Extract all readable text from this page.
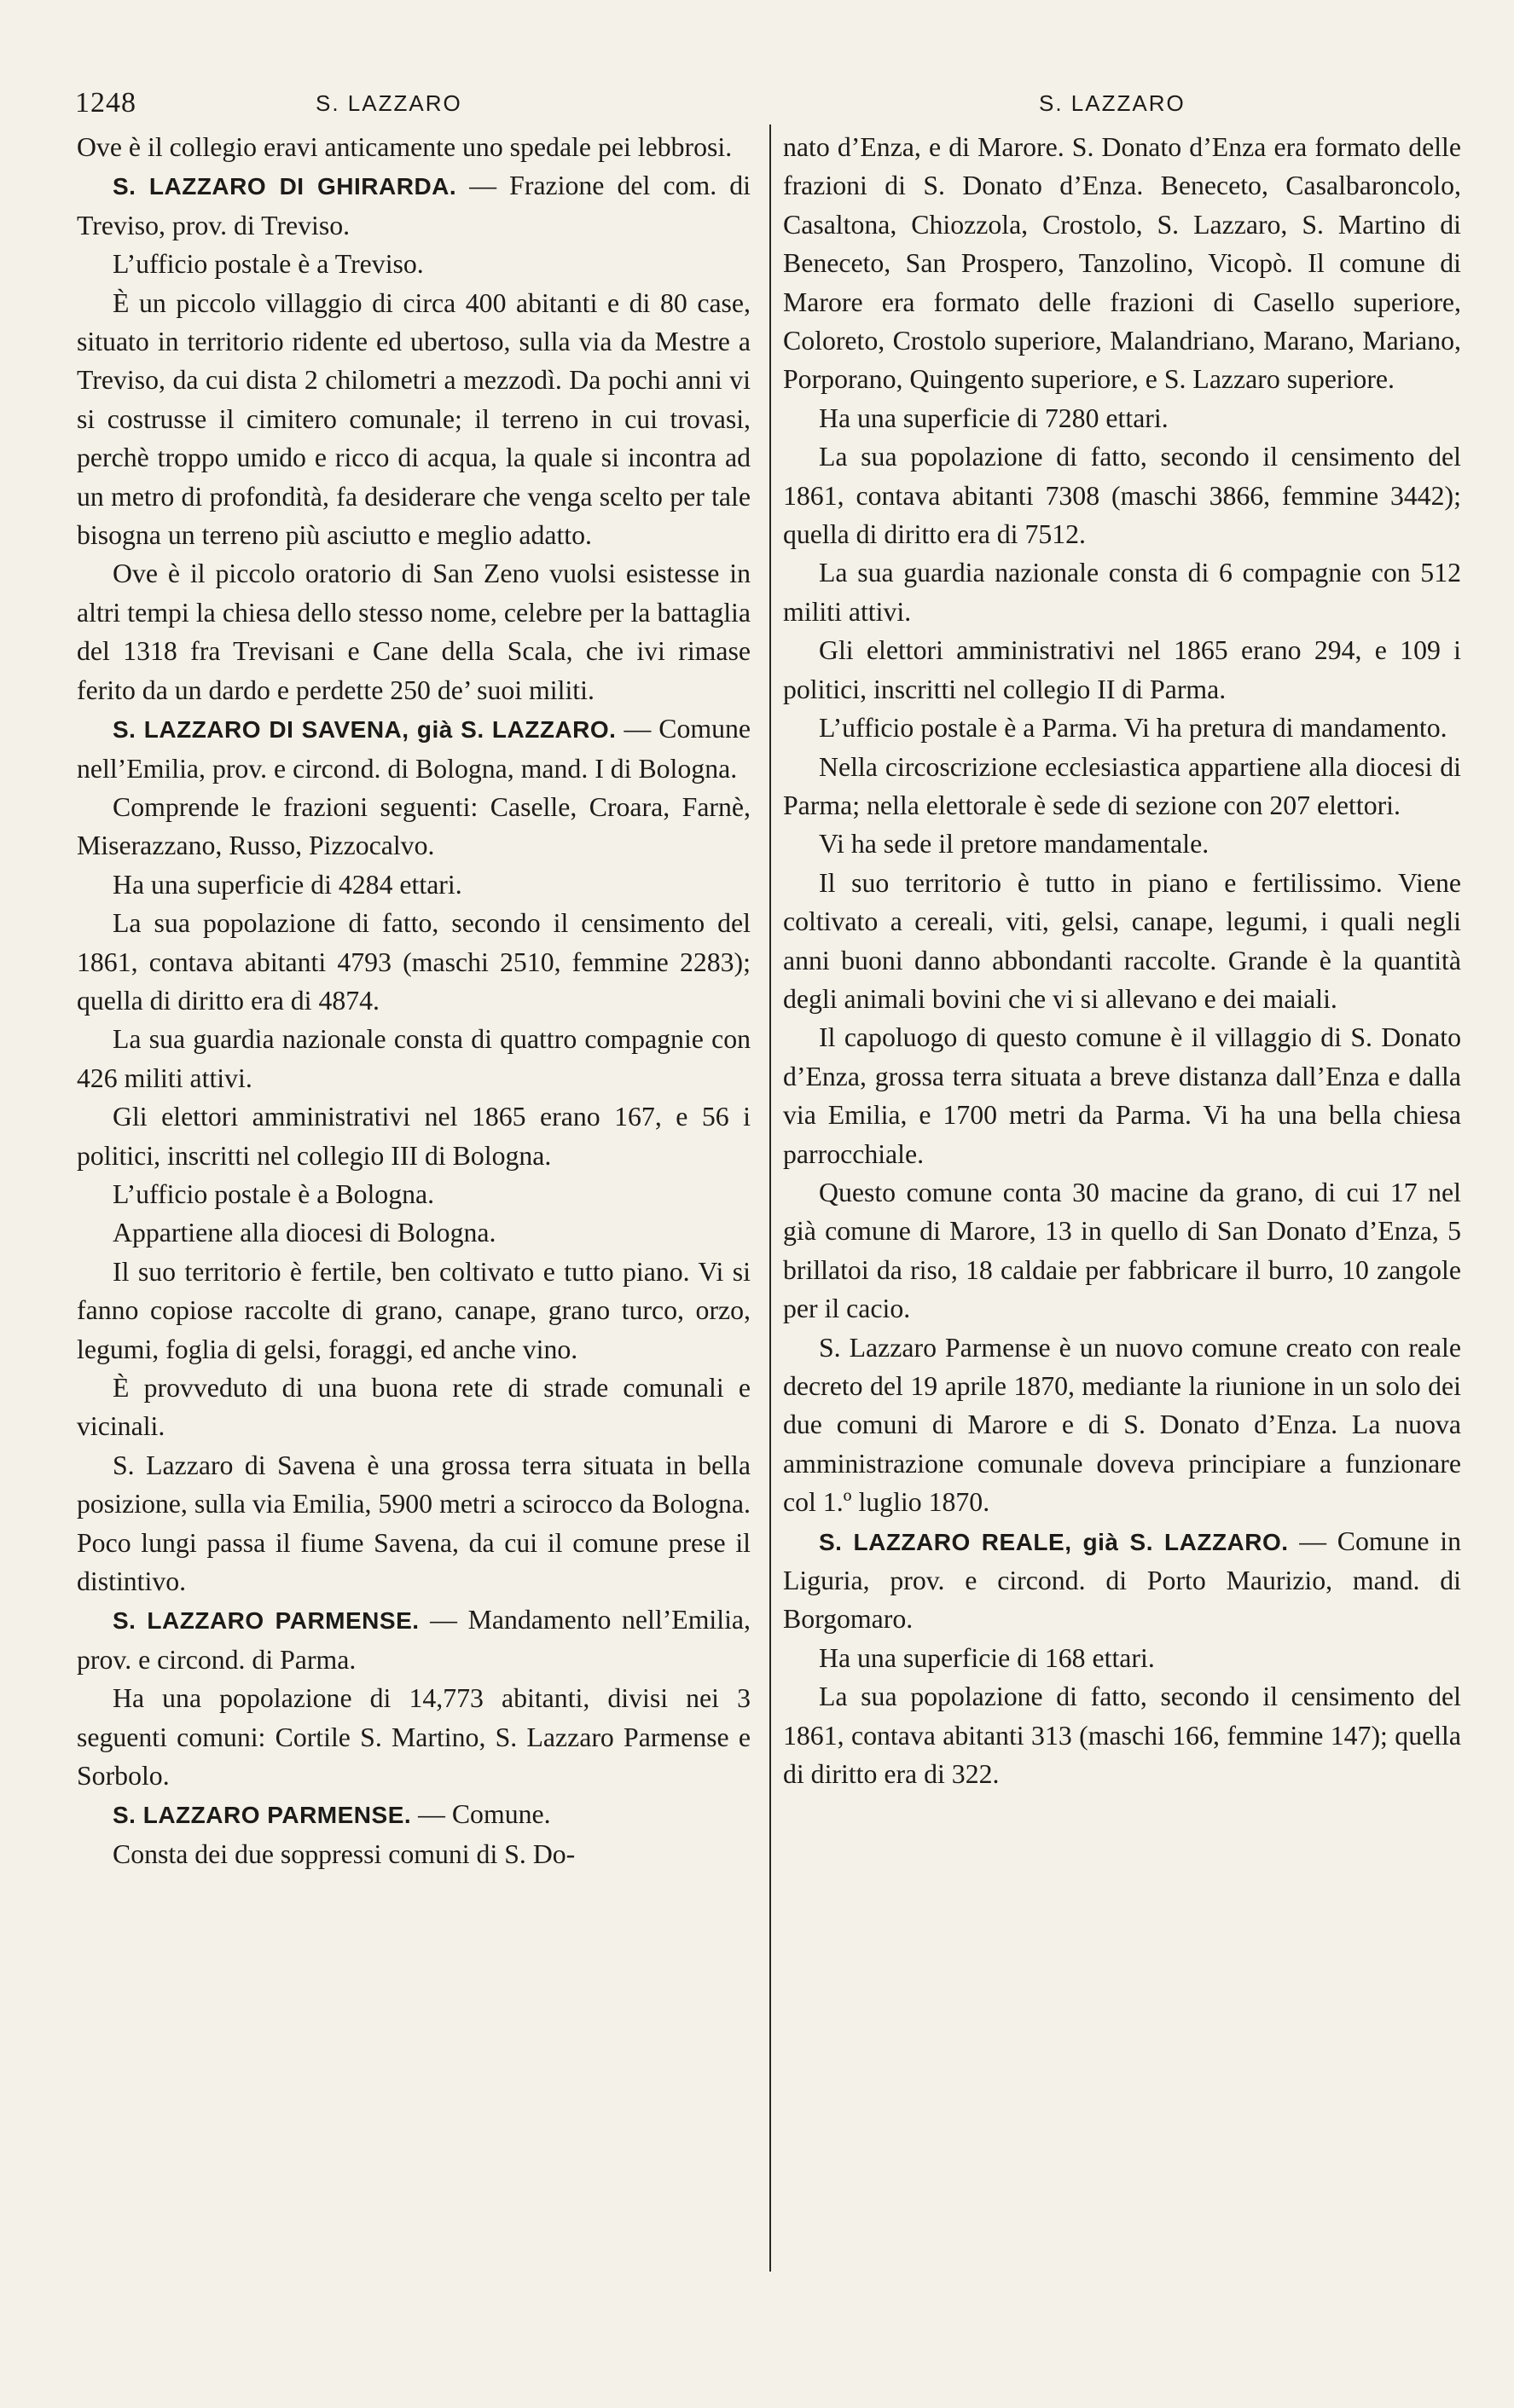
1248	S. LAZZARO	S. LAZZARO

Ove è il collegio eravi anticamente uno spedale pei lebbrosi.

S. LAZZARO DI GHIRARDA. — Frazione del com. di Treviso, prov. di Treviso.

L’ufficio postale è a Treviso.

È un piccolo villaggio di circa 400 abitanti e di 80 case, situato in territorio ridente ed ubertoso, sulla via da Mestre a Treviso, da cui dista 2 chilometri a mezzodì. Da pochi anni vi si costrusse il cimitero comunale; il terreno in cui trovasi, perchè troppo umido e ricco di acqua, la quale si incontra ad un metro di profondità, fa desiderare che venga scelto per tale bisogna un terreno più asciutto e meglio adatto.

Ove è il piccolo oratorio di San Zeno vuolsi esistesse in altri tempi la chiesa dello stesso nome, celebre per la battaglia del 1318 fra Trevisani e Cane della Scala, che ivi rimase ferito da un dardo e perdette 250 de’ suoi militi.

S. LAZZARO DI SAVENA, già S. LAZZARO. — Comune nell’Emilia, prov. e circond. di Bologna, mand. I di Bologna.

Comprende le frazioni seguenti: Caselle, Croara, Farnè, Miserazzano, Russo, Pizzocalvo.

Ha una superficie di 4284 ettari.

La sua popolazione di fatto, secondo il censimento del 1861, contava abitanti 4793 (maschi 2510, femmine 2283); quella di diritto era di 4874.

La sua guardia nazionale consta di quattro compagnie con 426 militi attivi.

Gli elettori amministrativi nel 1865 erano 167, e 56 i politici, inscritti nel collegio III di Bologna.

L’ufficio postale è a Bologna.

Appartiene alla diocesi di Bologna.

Il suo territorio è fertile, ben coltivato e tutto piano. Vi si fanno copiose raccolte di grano, canape, grano turco, orzo, legumi, foglia di gelsi, foraggi, ed anche vino.

È provveduto di una buona rete di strade comunali e vicinali.

S. Lazzaro di Savena è una grossa terra situata in bella posizione, sulla via Emilia, 5900 metri a scirocco da Bologna. Poco lungi passa il fiume Savena, da cui il comune prese il distintivo.

S. LAZZARO PARMENSE. — Mandamento nell’Emilia, prov. e circond. di Parma.

Ha una popolazione di 14,773 abitanti, divisi nei 3 seguenti comuni: Cortile S. Martino, S. Lazzaro Parmense e Sorbolo.

S. LAZZARO PARMENSE. — Comune.

Consta dei due soppressi comuni di S. Do-

nato d’Enza, e di Marore. S. Donato d’Enza era formato delle frazioni di S. Donato d’Enza. Beneceto, Casalbaroncolo, Casaltona, Chiozzola, Crostolo, S. Lazzaro, S. Martino di Beneceto, San Prospero, Tanzolino, Vicopò. Il comune di Marore era formato delle frazioni di Casello superiore, Coloreto, Crostolo superiore, Malandriano, Marano, Mariano, Porporano, Quingento superiore, e S. Lazzaro superiore.

Ha una superficie di 7280 ettari.

La sua popolazione di fatto, secondo il censimento del 1861, contava abitanti 7308 (maschi 3866, femmine 3442); quella di diritto era di 7512.

La sua guardia nazionale consta di 6 compagnie con 512 militi attivi.

Gli elettori amministrativi nel 1865 erano 294, e 109 i politici, inscritti nel collegio II di Parma.

L’ufficio postale è a Parma. Vi ha pretura di mandamento.

Nella circoscrizione ecclesiastica appartiene alla diocesi di Parma; nella elettorale è sede di sezione con 207 elettori.

Vi ha sede il pretore mandamentale.

Il suo territorio è tutto in piano e fertilissimo. Viene coltivato a cereali, viti, gelsi, canape, legumi, i quali negli anni buoni danno abbondanti raccolte. Grande è la quantità degli animali bovini che vi si allevano e dei maiali.

Il capoluogo di questo comune è il villaggio di S. Donato d’Enza, grossa terra situata a breve distanza dall’Enza e dalla via Emilia, e 1700 metri da Parma. Vi ha una bella chiesa parrocchiale.

Questo comune conta 30 macine da grano, di cui 17 nel già comune di Marore, 13 in quello di San Donato d’Enza, 5 brillatoi da riso, 18 caldaie per fabbricare il burro, 10 zangole per il cacio.

S. Lazzaro Parmense è un nuovo comune creato con reale decreto del 19 aprile 1870, mediante la riunione in un solo dei due comuni di Marore e di S. Donato d’Enza. La nuova amministrazione comunale doveva principiare a funzionare col 1.º luglio 1870.

S. LAZZARO REALE, già S. LAZZARO. — Comune in Liguria, prov. e circond. di Porto Maurizio, mand. di Borgomaro.

Ha una superficie di 168 ettari.

La sua popolazione di fatto, secondo il censimento del 1861, contava abitanti 313 (maschi 166, femmine 147); quella di diritto era di 322.
